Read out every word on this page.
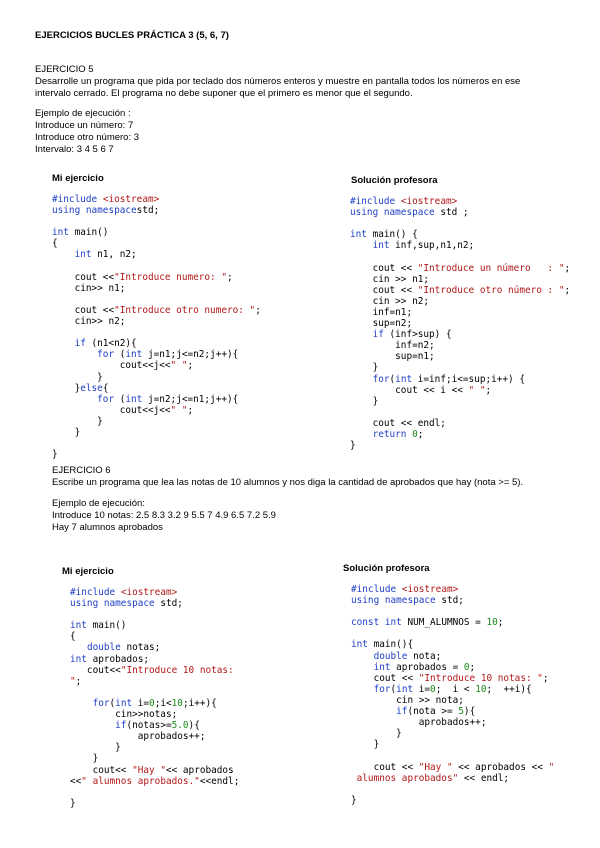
EJERCICIOS BUCLES PRÁCTICA 3 (5, 6, 7)
EJERCICIO 5
Desarrolle un programa que pida por teclado dos números enteros y muestre en pantalla todos los números en ese intervalo cerrado. El programa no debe suponer que el primero es menor que el segundo.
Ejemplo de ejecución :
Introduce un número: 7
Introduce otro número: 3
Intervalo: 3 4 5 6 7
Mi ejercicio	Solución profesora
#include <iostream>
using namespacestd;

int main()
{
int n1, n2;

cout <<"Introduce numero: ";
cin>> n1;

cout <<"Introduce otro numero: ";
cin>> n2;

if (n1<n2){
for (int j=n1;j<=n2;j++){
cout<<j<<" ";
}
}else{
for (int j=n2;j<=n1;j++){
cout<<j<<" ";
}
}

}
#include <iostream>
using namespace std ;

int main() {
int inf,sup,n1,n2;

cout << "Introduce un número   : ";
cin >> n1;
cout << "Introduce otro número : ";
cin >> n2;
inf=n1;
sup=n2;
if (inf>sup) {
inf=n2;
sup=n1;
}
for(int i=inf;i<=sup;i++) {
cout << i << " ";
}

cout << endl;
return 0;
}
EJERCICIO 6
Escribe un programa que lea las notas de 10 alumnos y nos diga la cantidad de aprobados que hay (nota >= 5).
Ejemplo de ejecución:
Introduce 10 notas: 2.5 8.3 3.2 9 5.5 7 4.9 6.5 7.2 5.9
Hay 7 alumnos aprobados
Mi ejercicio	Solución profesora
#include <iostream>
using namespace std;

int main()
{
double notas;
int aprobados;
cout<<"Introduce 10 notas:
";

for(int i=0;i<10;i++){
cin>>notas;
if(notas>=5.0){
aprobados++;
}
}
cout<< "Hay "<< aprobados
<<" alumnos aprobados."<<endl;

}
#include <iostream>
using namespace std;

const int NUM_ALUMNOS = 10;

int main(){
double nota;
int aprobados = 0;
cout << "Introduce 10 notas: ";
for(int i=0;  i < 10;  ++i){
cin >> nota;
if(nota >= 5){
aprobados++;
}
}

cout << "Hay " << aprobados << "
alumnos aprobados" << endl;

}
